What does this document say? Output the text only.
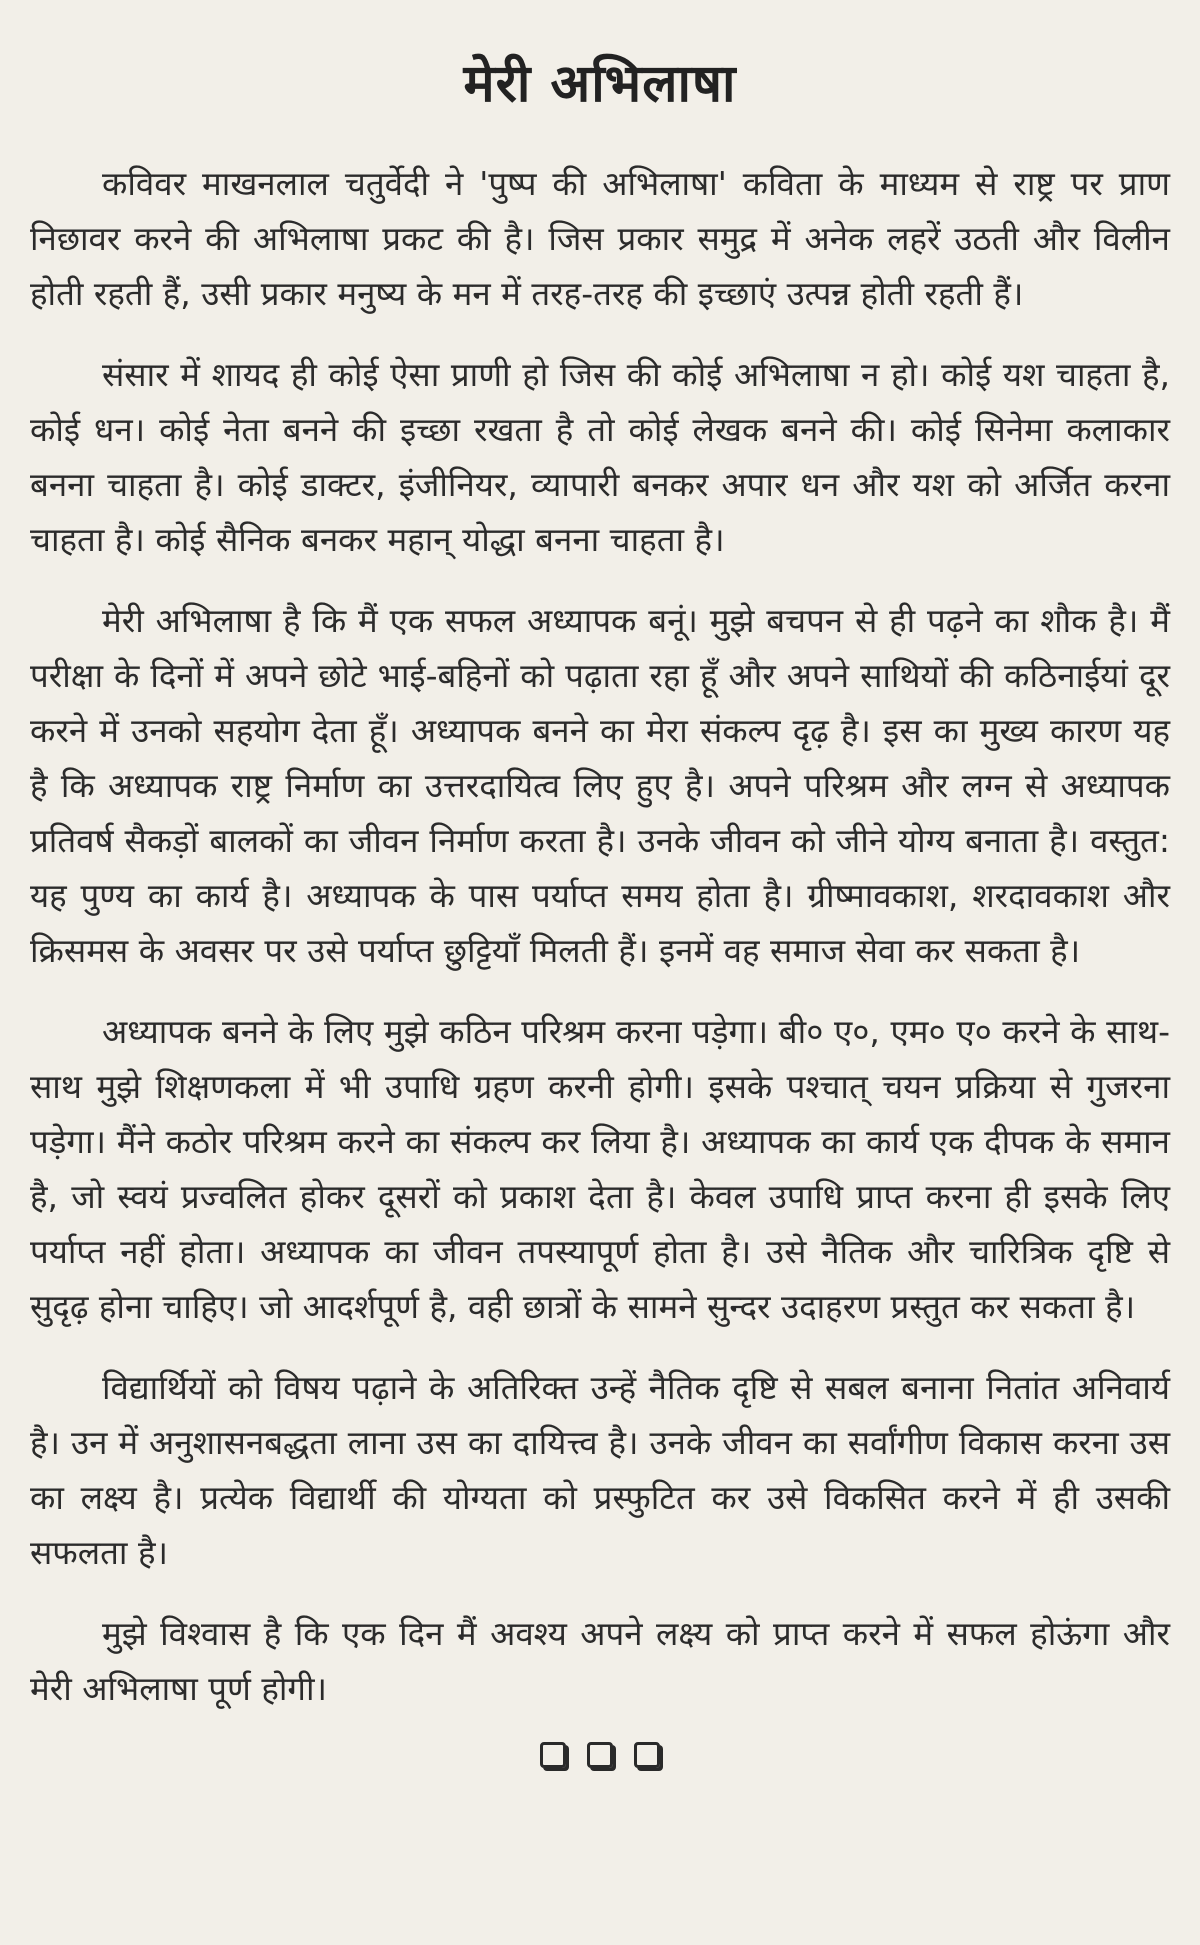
मेरी अभिलाषा

कविवर माखनलाल चतुर्वेदी ने 'पुष्प की अभिलाषा' कविता के माध्यम से राष्ट्र पर प्राण निछावर करने की अभिलाषा प्रकट की है। जिस प्रकार समुद्र में अनेक लहरें उठती और विलीन होती रहती हैं, उसी प्रकार मनुष्य के मन में तरह-तरह की इच्छाएं उत्पन्न होती रहती हैं।

संसार में शायद ही कोई ऐसा प्राणी हो जिस की कोई अभिलाषा न हो। कोई यश चाहता है, कोई धन। कोई नेता बनने की इच्छा रखता है तो कोई लेखक बनने की। कोई सिनेमा कलाकार बनना चाहता है। कोई डाक्टर, इंजीनियर, व्यापारी बनकर अपार धन और यश को अर्जित करना चाहता है। कोई सैनिक बनकर महान् योद्धा बनना चाहता है।

मेरी अभिलाषा है कि मैं एक सफल अध्यापक बनूं। मुझे बचपन से ही पढ़ने का शौक है। मैं परीक्षा के दिनों में अपने छोटे भाई-बहिनों को पढ़ाता रहा हूँ और अपने साथियों की कठिनाईयां दूर करने में उनको सहयोग देता हूँ। अध्यापक बनने का मेरा संकल्प दृढ़ है। इस का मुख्य कारण यह है कि अध्यापक राष्ट्र निर्माण का उत्तरदायित्व लिए हुए है। अपने परिश्रम और लग्न से अध्यापक प्रतिवर्ष सैकड़ों बालकों का जीवन निर्माण करता है। उनके जीवन को जीने योग्य बनाता है। वस्तुत: यह पुण्य का कार्य है। अध्यापक के पास पर्याप्त समय होता है। ग्रीष्मावकाश, शरदावकाश और क्रिसमस के अवसर पर उसे पर्याप्त छुट्टियाँ मिलती हैं। इनमें वह समाज सेवा कर सकता है।

अध्यापक बनने के लिए मुझे कठिन परिश्रम करना पड़ेगा। बी० ए०, एम० ए० करने के साथ-साथ मुझे शिक्षणकला में भी उपाधि ग्रहण करनी होगी। इसके पश्चात् चयन प्रक्रिया से गुजरना पड़ेगा। मैंने कठोर परिश्रम करने का संकल्प कर लिया है। अध्यापक का कार्य एक दीपक के समान है, जो स्वयं प्रज्वलित होकर दूसरों को प्रकाश देता है। केवल उपाधि प्राप्त करना ही इसके लिए पर्याप्त नहीं होता। अध्यापक का जीवन तपस्यापूर्ण होता है। उसे नैतिक और चारित्रिक दृष्टि से सुदृढ़ होना चाहिए। जो आदर्शपूर्ण है, वही छात्रों के सामने सुन्दर उदाहरण प्रस्तुत कर सकता है।

विद्यार्थियों को विषय पढ़ाने के अतिरिक्त उन्हें नैतिक दृष्टि से सबल बनाना नितांत अनिवार्य है। उन में अनुशासनबद्धता लाना उस का दायित्त्व है। उनके जीवन का सर्वांगीण विकास करना उस का लक्ष्य है। प्रत्येक विद्यार्थी की योग्यता को प्रस्फुटित कर उसे विकसित करने में ही उसकी सफलता है।

मुझे विश्वास है कि एक दिन मैं अवश्य अपने लक्ष्य को प्राप्त करने में सफल होऊंगा और मेरी अभिलाषा पूर्ण होगी।
